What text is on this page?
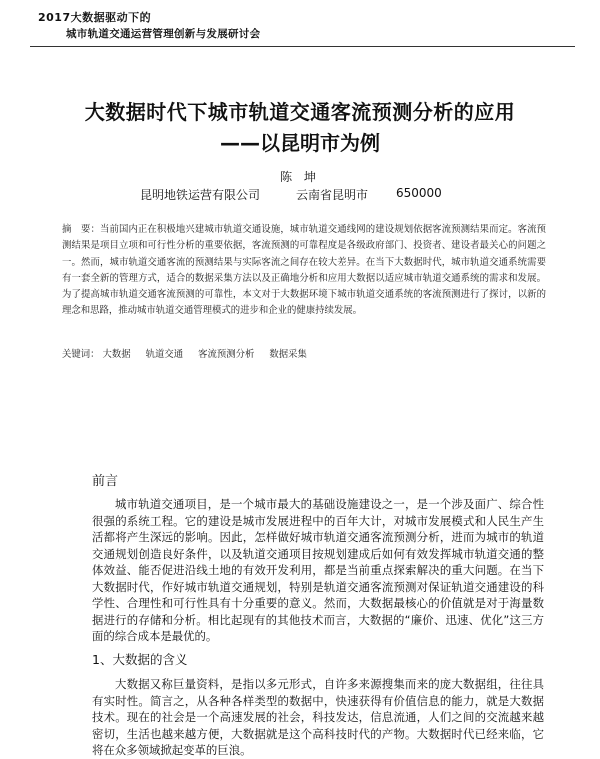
2017大数据驱动下的
城市轨道交通运营管理创新与发展研讨会
大数据时代下城市轨道交通客流预测分析的应用
——以昆明市为例
陈 坤
昆明地铁运营有限公司	云南省昆明市 650000
摘　要：当前国内正在积极地兴建城市轨道交通设施，城市轨道交通线网的建设规划依据客流预测结果而定。客流预测结果是项目立项和可行性分析的重要依据，客流预测的可靠程度是各级政府部门、投资者、建设者最关心的问题之一。然而，城市轨道交通客流的预测结果与实际客流之间存在较大差异。在当下大数据时代，城市轨道交通系统需要有一套全新的管理方式，适合的数据采集方法以及正确地分析和应用大数据以适应城市轨道交通系统的需求和发展。为了提高城市轨道交通客流预测的可靠性，本文对于大数据环境下城市轨道交通系统的客流预测进行了探讨，以新的理念和思路，推动城市轨道交通管理模式的进步和企业的健康持续发展。
关键词： 大数据 轨道交通 客流预测分析 数据采集
前言
城市轨道交通项目，是一个城市最大的基础设施建设之一，是一个涉及面广、综合性很强的系统工程。它的建设是城市发展进程中的百年大计，对城市发展模式和人民生产生活都将产生深远的影响。因此，怎样做好城市轨道交通客流预测分析，进而为城市的轨道交通规划创造良好条件，以及轨道交通项目按规划建成后如何有效发挥城市轨道交通的整体效益、能否促进沿线土地的有效开发利用，都是当前重点探索解决的重大问题。在当下大数据时代，作好城市轨道交通规划，特别是轨道交通客流预测对保证轨道交通建设的科学性、合理性和可行性具有十分重要的意义。然而，大数据最核心的价值就是对于海量数据进行的存储和分析。相比起现有的其他技术而言，大数据的“廉价、迅速、优化”这三方面的综合成本是最优的。
1、大数据的含义
大数据又称巨量资料，是指以多元形式，自许多来源搜集而来的庞大数据组，往往具有实时性。简言之，从各种各样类型的数据中，快速获得有价值信息的能力，就是大数据技术。现在的社会是一个高速发展的社会，科技发达，信息流通，人们之间的交流越来越密切，生活也越来越方便，大数据就是这个高科技时代的产物。大数据时代已经来临，它将在众多领域掀起变革的巨浪。
